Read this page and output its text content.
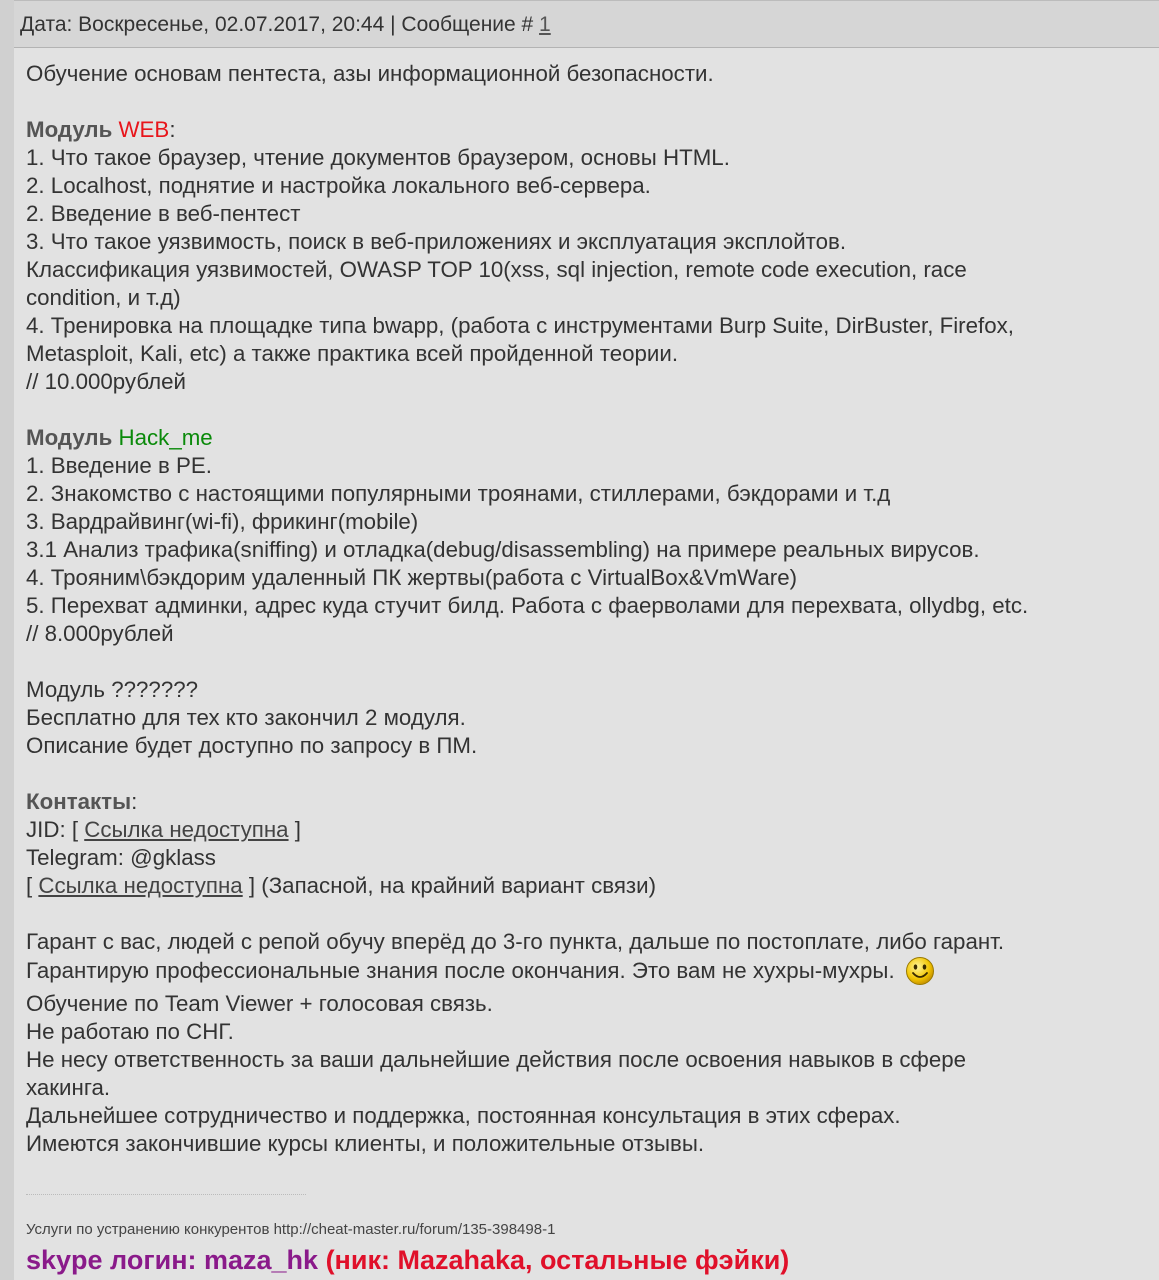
Дата: Воскресенье, 02.07.2017, 20:44 | Сообщение # 1
Обучение основам пентеста, азы информационной безопасности.
Модуль WEB:
1. Что такое браузер, чтение документов браузером, основы HTML.
2. Localhost, поднятие и настройка локального веб-сервера.
2. Введение в веб-пентест
3. Что такое уязвимость, поиск в веб-приложениях и эксплуатация эксплойтов.
Классификация уязвимостей, OWASP TOP 10(xss, sql injection, remote code execution, race
condition, и т.д)
4. Тренировка на площадке типа bwapp, (работа с инструментами Burp Suite, DirBuster, Firefox,
Metasploit, Kali, etc) а также практика всей пройденной теории.
// 10.000рублей
Модуль Hack_me
1. Введение в PE.
2. Знакомство с настоящими популярными троянами, стиллерами, бэкдорами и т.д
3. Вардрайвинг(wi-fi), фрикинг(mobile)
3.1 Анализ трафика(sniffing) и отладка(debug/disassembling) на примере реальных вирусов.
4. Трояним\бэкдорим удаленный ПК жертвы(работа с VirtualBox&VmWare)
5. Перехват админки, адрес куда стучит билд. Работа с фаерволами для перехвата, ollydbg, etc.
// 8.000рублей
Модуль ???????
Бесплатно для тех кто закончил 2 модуля.
Описание будет доступно по запросу в ПМ.
Контакты:
JID: [ Ссылка недоступна ]
Telegram: @gklass
[ Ссылка недоступна ] (Запасной, на крайний вариант связи)
Гарант с вас, людей с репой обучу вперёд до 3-го пункта, дальше по постоплате, либо гарант.
Гарантирую профессиональные знания после окончания. Это вам не хухры-мухры.
Обучение по Team Viewer + голосовая связь.
Не работаю по СНГ.
Не несу ответственность за ваши дальнейшие действия после освоения навыков в сфере
хакинга.
Дальнейшее сотрудничество и поддержка, постоянная консультация в этих сферах.
Имеются закончившие курсы клиенты, и положительные отзывы.
Услуги по устранению конкурентов http://cheat-master.ru/forum/135-398498-1
skype логин: maza_hk (ник: Mazahaka, остальные фэйки)
